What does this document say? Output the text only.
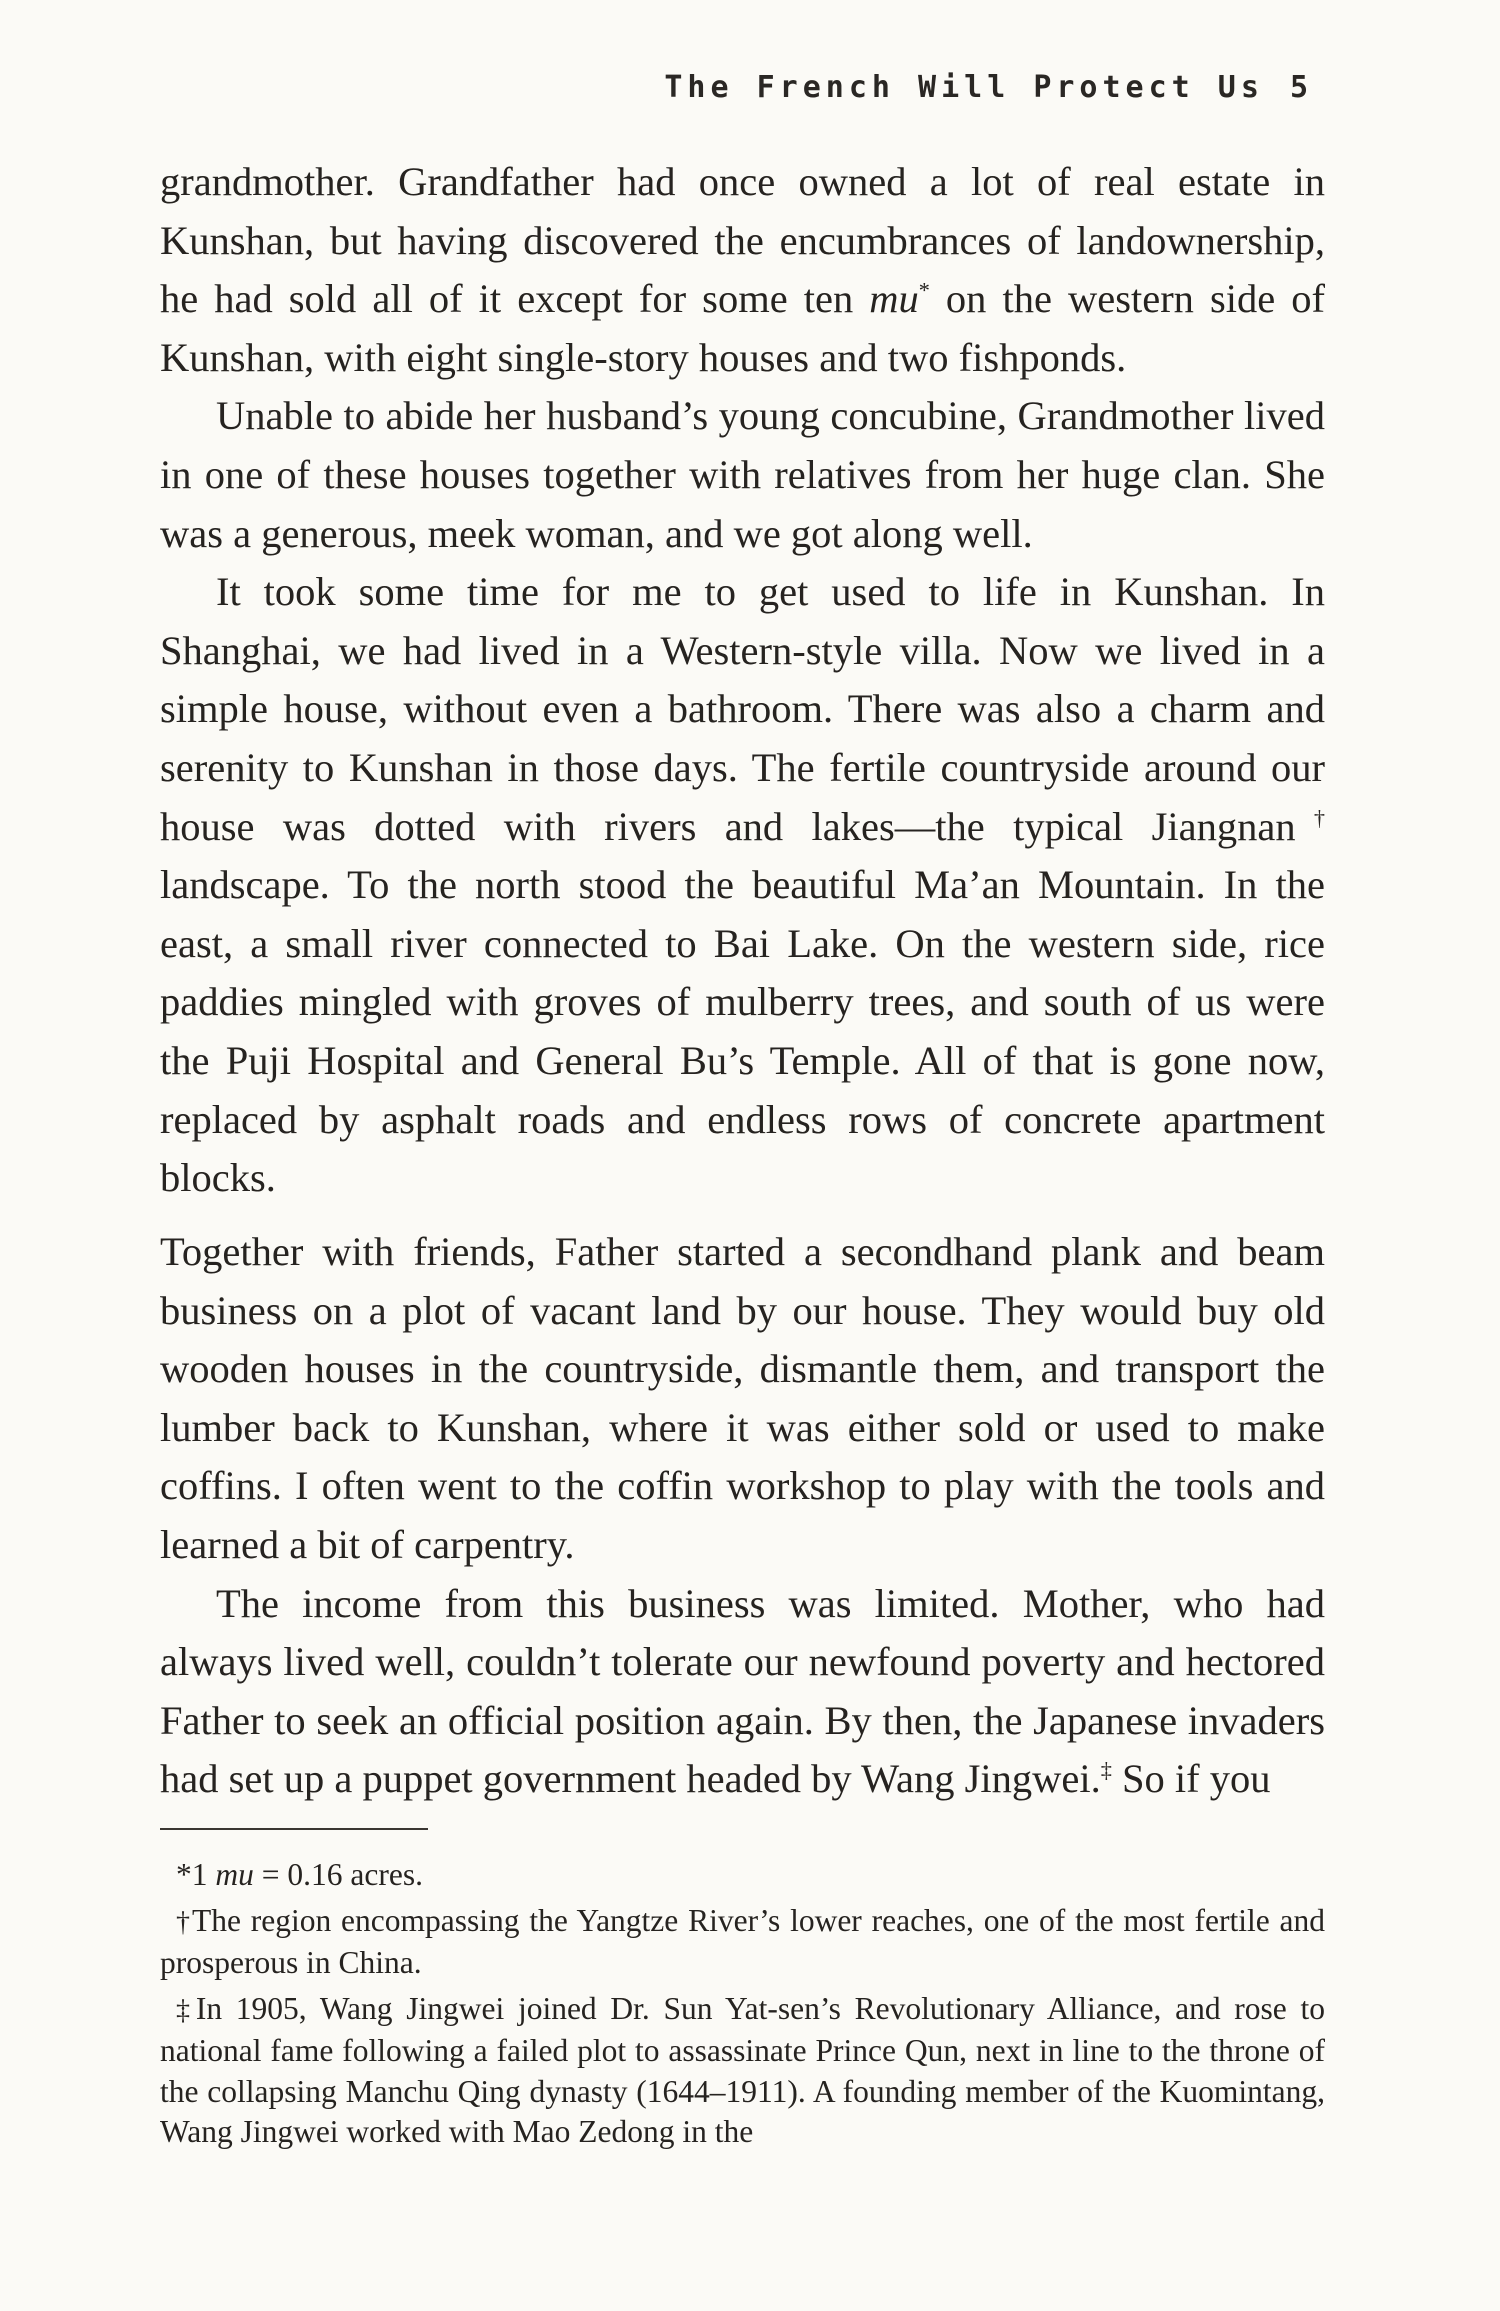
The French Will Protect Us 5

grandmother. Grandfather had once owned a lot of real estate in Kunshan, but having discovered the encumbrances of landownership, he had sold all of it except for some ten mu* on the western side of Kunshan, with eight single-story houses and two fishponds.

Unable to abide her husband’s young concubine, Grandmother lived in one of these houses together with relatives from her huge clan. She was a generous, meek woman, and we got along well.

It took some time for me to get used to life in Kunshan. In Shanghai, we had lived in a Western-style villa. Now we lived in a simple house, without even a bathroom. There was also a charm and serenity to Kunshan in those days. The fertile countryside around our house was dotted with rivers and lakes—the typical Jiangnan† landscape. To the north stood the beautiful Ma’an Mountain. In the east, a small river connected to Bai Lake. On the western side, rice paddies mingled with groves of mulberry trees, and south of us were the Puji Hospital and General Bu’s Temple. All of that is gone now, replaced by asphalt roads and endless rows of concrete apartment blocks.

Together with friends, Father started a secondhand plank and beam business on a plot of vacant land by our house. They would buy old wooden houses in the countryside, dismantle them, and transport the lumber back to Kunshan, where it was either sold or used to make coffins. I often went to the coffin workshop to play with the tools and learned a bit of carpentry.

The income from this business was limited. Mother, who had always lived well, couldn’t tolerate our newfound poverty and hectored Father to seek an official position again. By then, the Japanese invaders had set up a puppet government headed by Wang Jingwei.‡ So if you

*1 mu = 0.16 acres.

†The region encompassing the Yangtze River’s lower reaches, one of the most fertile and prosperous in China.

‡In 1905, Wang Jingwei joined Dr. Sun Yat-sen’s Revolutionary Alliance, and rose to national fame following a failed plot to assassinate Prince Qun, next in line to the throne of the collapsing Manchu Qing dynasty (1644–1911). A founding member of the Kuomintang, Wang Jingwei worked with Mao Zedong in the
